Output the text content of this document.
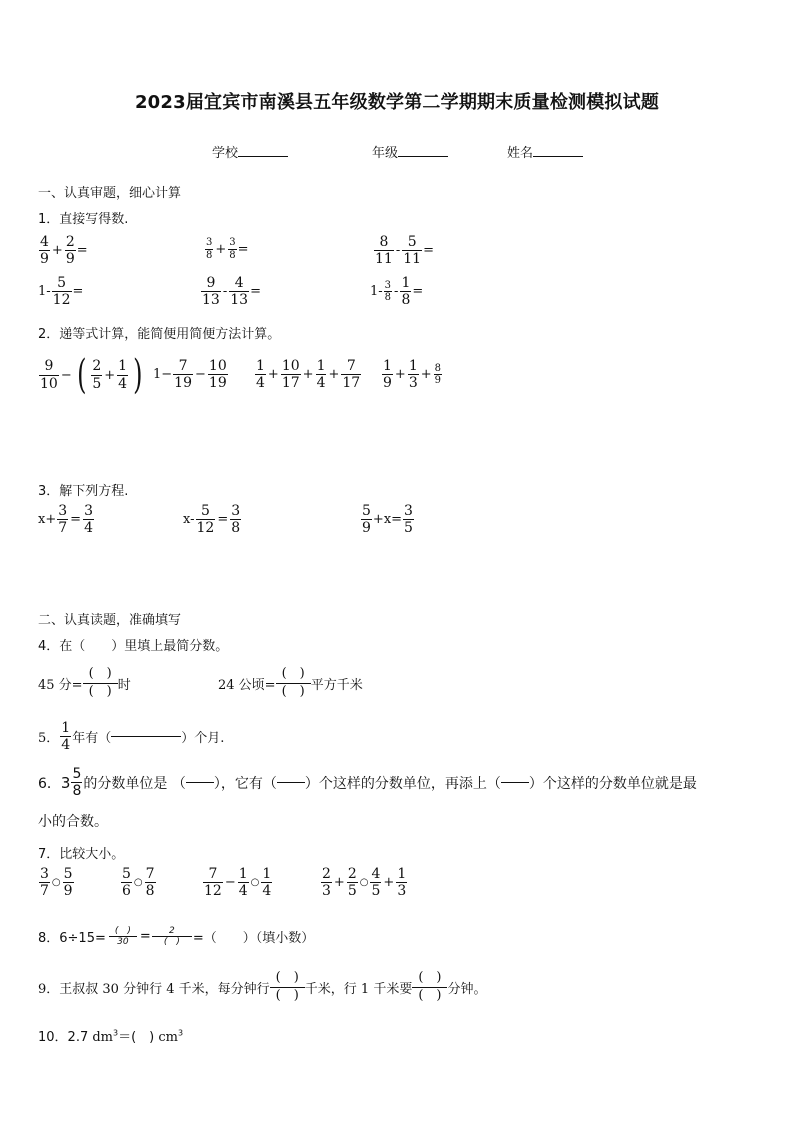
2023届宜宾市南溪县五年级数学第二学期期末质量检测模拟试题
学校	年级	姓名
一、认真审题，细心计算
1．直接写得数.
$\frac{4}{9} + \frac{2}{9}$ =	$\frac{3}{8} + \frac{3}{8}$ =	$\frac{8}{11} - \frac{5}{11}$ =
$1- \frac{5}{12}$ =	$\frac{9}{13} - \frac{4}{13}$ =	$1- \frac{3}{8} - \frac{1}{8}$ =
2．递等式计算，能简便用简便方法计算。
$\frac{9}{10}$ − ( $\frac{2}{5} + \frac{1}{4}$ ) $1- \frac{7}{19} - \frac{10}{19} \frac{1}{4} + \frac{10}{17} + \frac{1}{4} + \frac{7}{17} \frac{1}{9} + \frac{1}{3} + \frac{8}{9}$
3．解下列方程.
$x+ \frac{3}{7} = \frac{3}{4}$	$x- \frac{5}{12} = \frac{3}{8}$	$\frac{5}{9} +x= \frac{3}{5}$
二、认真读题，准确填写
4．在（　　）里填上最简分数。
45 分=
(　)
(　) 时	24 公顷=
(　)
(　) 平方千米
5． $\frac{1}{4}$ 年有（	）个月.
6． $3 \frac{5}{8}$ 的分数单位是 （ ），它有（ ）个这样的分数单位，再添上（ ）个这样的分数单位就是最
小的合数。
7．比较大小。
$\frac{3}{7}$ ○ $\frac{5}{9}$	$\frac{5}{6}$ ○ $\frac{7}{8}$	$\frac{7}{12} - \frac{1}{4}$ ○ $\frac{1}{4}$	$\frac{2}{3} + \frac{2}{5}$ ○ $\frac{4}{5} + \frac{1}{3}$
8．$6\div 15= \frac{( )}{30} = \frac{2}{( )}$ =（　　）（填小数）
9．王叔叔 30 分钟行 4 千米，每分钟行
(　)
(　) 千米，行 1 千米要
(　)
(　) 分钟。
10．2.7 $dm^3=$(　) $cm^3$
